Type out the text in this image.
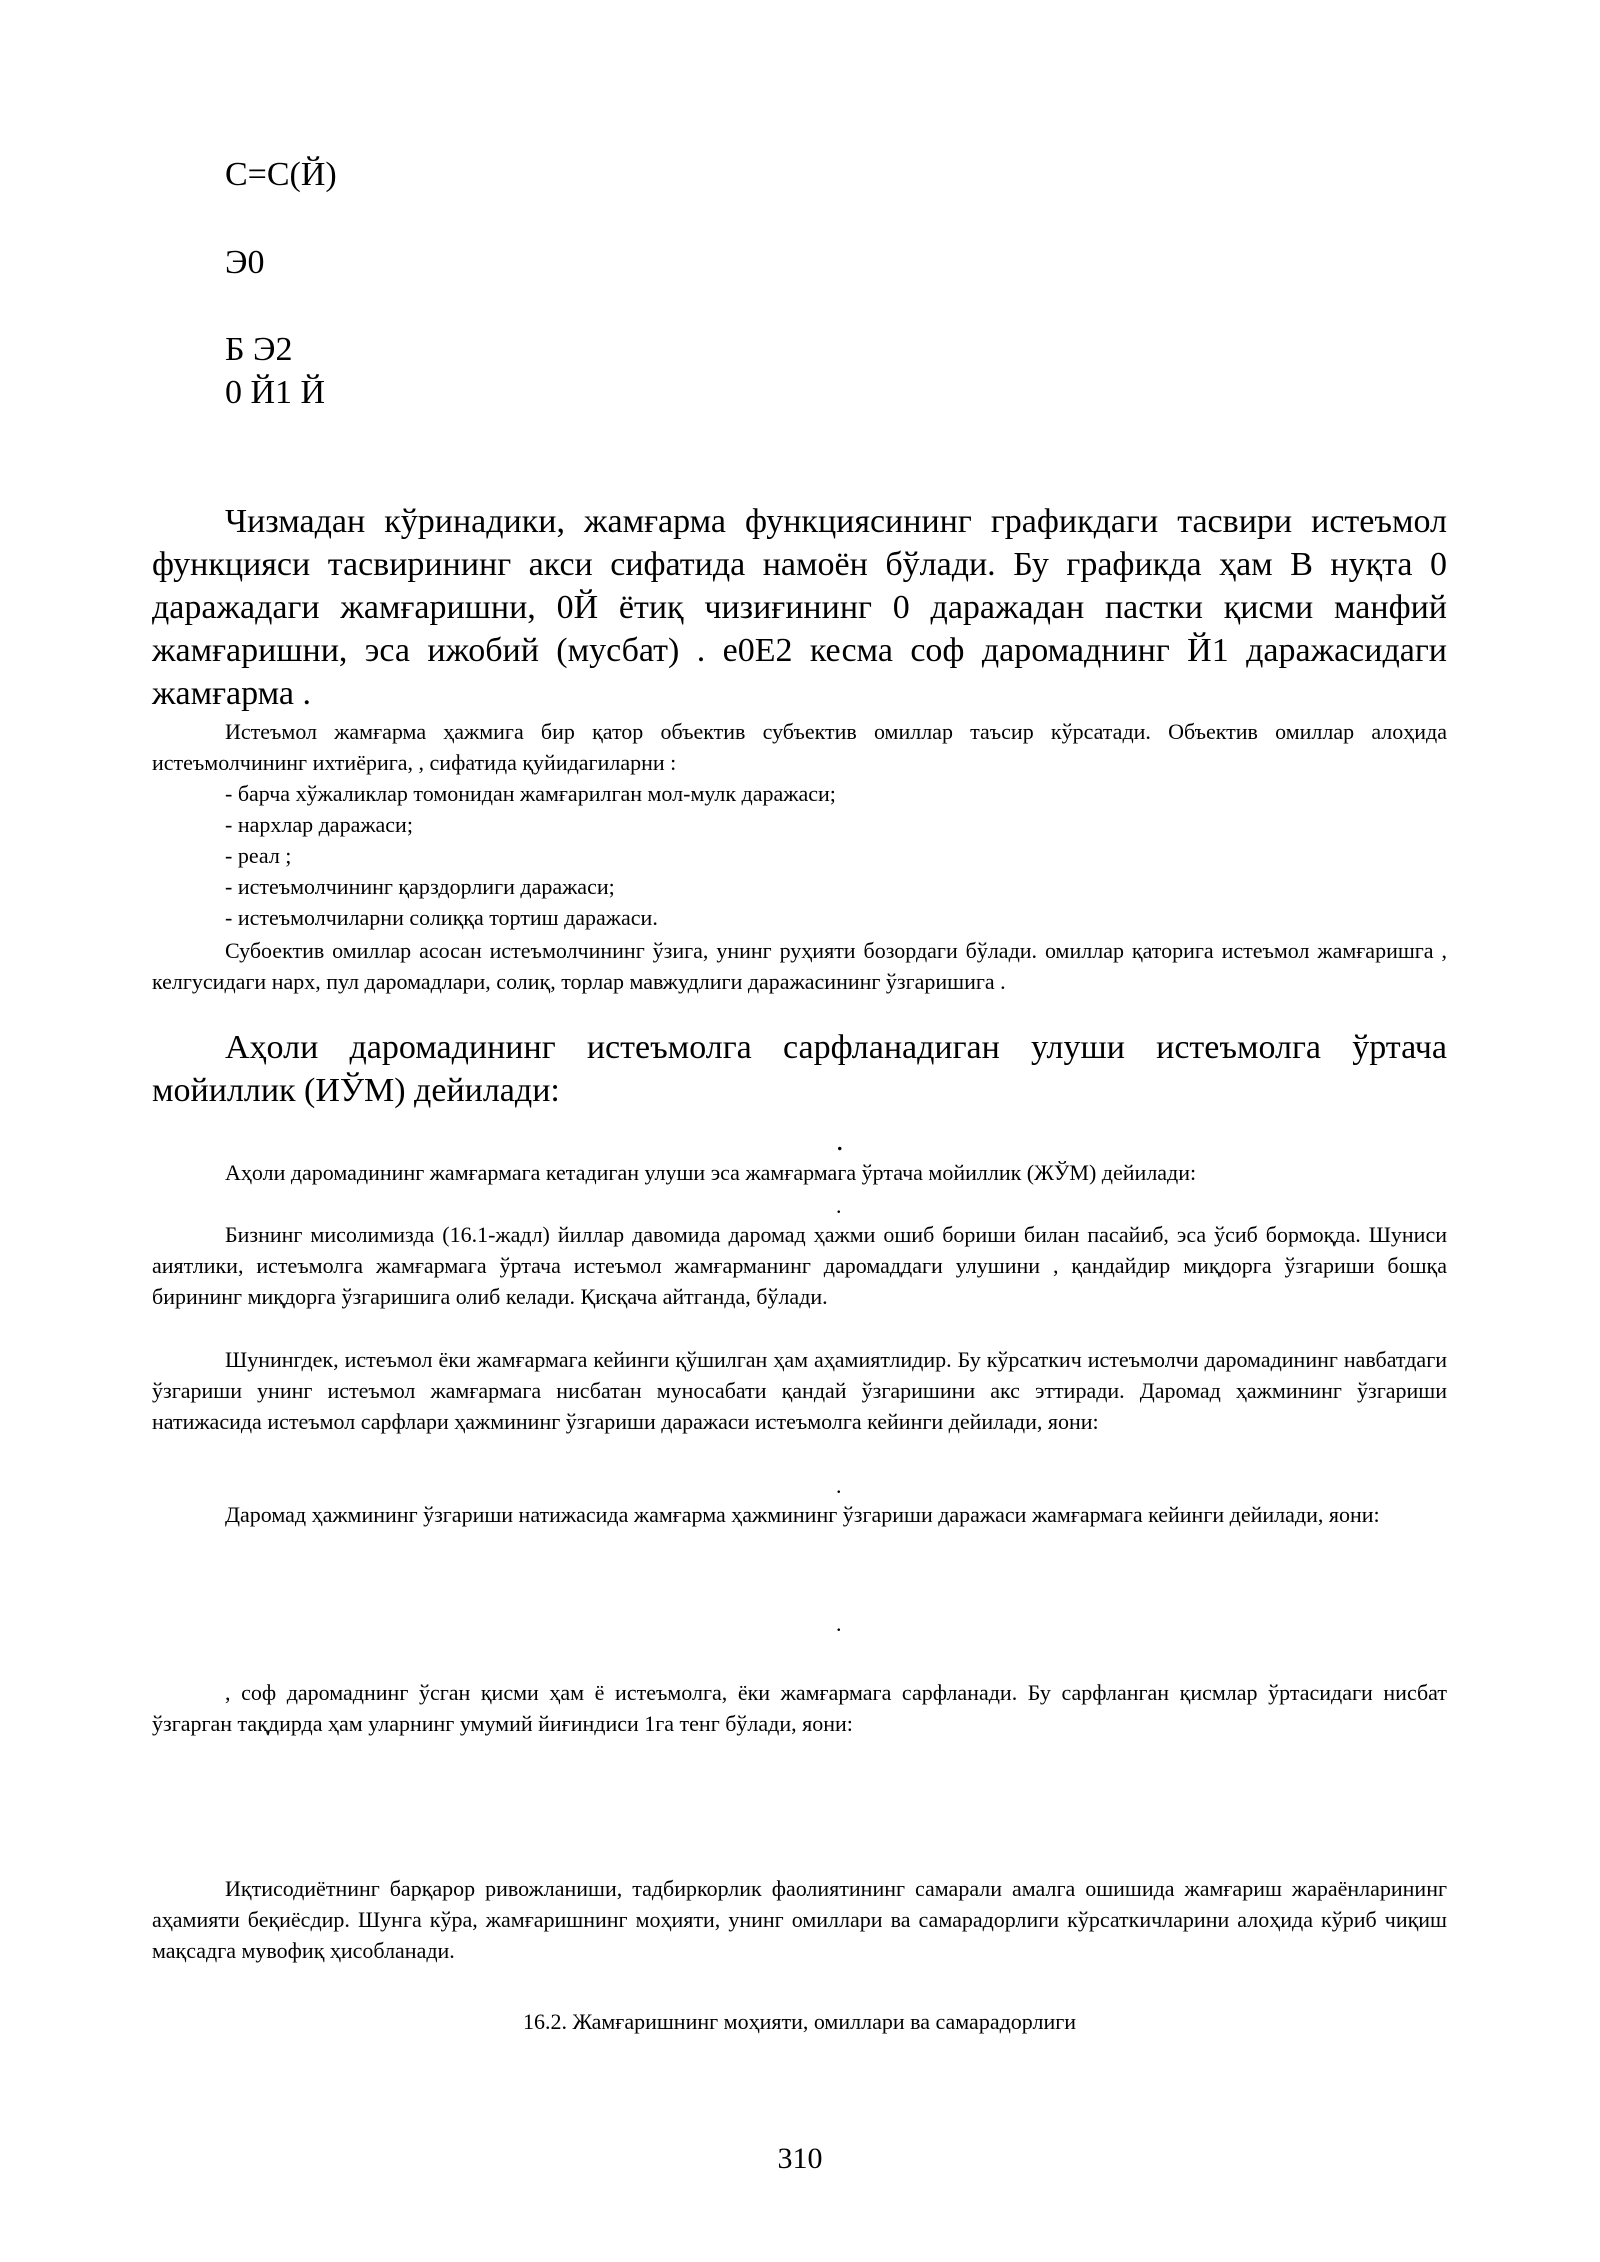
С=С(Й)
Э0
Б Э2
0 Й1 Й

Чизмадан кўринадики, жамғарма функциясининг графикдаги тасвири истеъмол функцияси тасвирининг акси сифатида намоён бўлади. Бу графикда ҳам В нуқта 0 даражадаги жамғаришни, 0Й ётиқ чизиғининг 0 даражадан пастки қисми манфий жамғаришни, эса ижобий (мусбат) . е0Е2 кесма соф даромаднинг Й1 даражасидаги жамғарма .

Истеъмол жамғарма ҳажмига бир қатор объектив субъектив омиллар таъсир кўрсатади. Объектив омиллар алоҳида истеъмолчининг ихтиёрига, , сифатида қуйидагиларни :

- барча хўжаликлар томонидан жамғарилган мол-мулк даражаси;
- нархлар даражаси;
- реал ;
- истеъмолчининг қарздорлиги даражаси;
- истеъмолчиларни солиққа тортиш даражаси.

Субоектив омиллар асосан истеъмолчининг ўзига, унинг руҳияти бозордаги бўлади. омиллар қаторига истеъмол жамғаришга , келгусидаги нарх, пул даромадлари, солиқ, торлар мавжудлиги даражасининг ўзгаришига .

Аҳоли даромадининг истеъмолга сарфланадиган улуши истеъмолга ўртача мойиллик (ИЎМ) дейилади:

.

Аҳоли даромадининг жамғармага кетадиган улуши эса жамғармага ўртача мойиллик (ЖЎМ) дейилади:

.

Бизнинг мисолимизда (16.1-жадл) йиллар давомида даромад ҳажми ошиб бориши билан пасайиб, эса ўсиб бормоқда. Шуниси аиятлики, истеъмолга жамғармага ўртача истеъмол жамғарманинг даромаддаги улушини , қандайдир миқдорга ўзгариши бошқа бирининг миқдорга ўзгаришига олиб келади. Қисқача айтганда, бўлади.

Шунингдек, истеъмол ёки жамғармага кейинги қўшилган ҳам аҳамиятлидир. Бу кўрсаткич истеъмолчи даромадининг навбатдаги ўзгариши унинг истеъмол жамғармага нисбатан муносабати қандай ўзгаришини акс эттиради. Даромад ҳажмининг ўзгариши натижасида истеъмол сарфлари ҳажмининг ўзгариши даражаси истеъмолга кейинги дейилади, яони:

.

Даромад ҳажмининг ўзгариши натижасида жамғарма ҳажмининг ўзгариши даражаси жамғармага кейинги дейилади, яони:

.

, соф даромаднинг ўсган қисми ҳам ё истеъмолга, ёки жамғармага сарфланади. Бу сарфланган қисмлар ўртасидаги нисбат ўзгарган тақдирда ҳам уларнинг умумий йиғиндиси 1га тенг бўлади, яони:

Иқтисодиётнинг барқарор ривожланиши, тадбиркорлик фаолиятининг самарали амалга ошишида жамғариш жараёнларининг аҳамияти беқиёсдир. Шунга кўра, жамғаришнинг моҳияти, унинг омиллари ва самарадорлиги кўрсаткичларини алоҳида кўриб чиқиш мақсадга мувофиқ ҳисобланади.

16.2. Жамғаришнинг моҳияти, омиллари ва самарадорлиги
310
